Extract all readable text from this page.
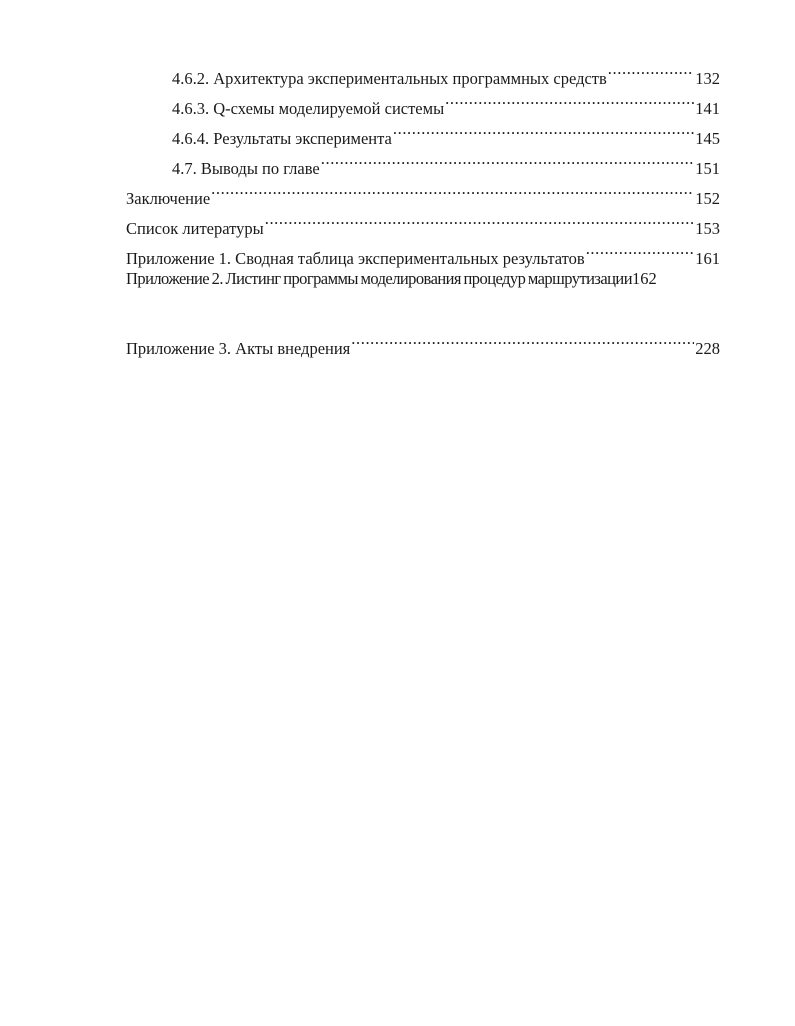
4.6.2. Архитектура экспериментальных программных средств .....	132
4.6.3. Q-схемы моделируемой системы .....	141
4.6.4. Результаты эксперимента .....	145
4.7. Выводы по главе .....	151
Заключение .....	152
Список литературы .....	153
Приложение 1. Сводная таблица экспериментальных результатов .....	161
Приложение 2. Листинг программы моделирования процедур маршрутизации 162
Приложение 3. Акты внедрения .....	228
